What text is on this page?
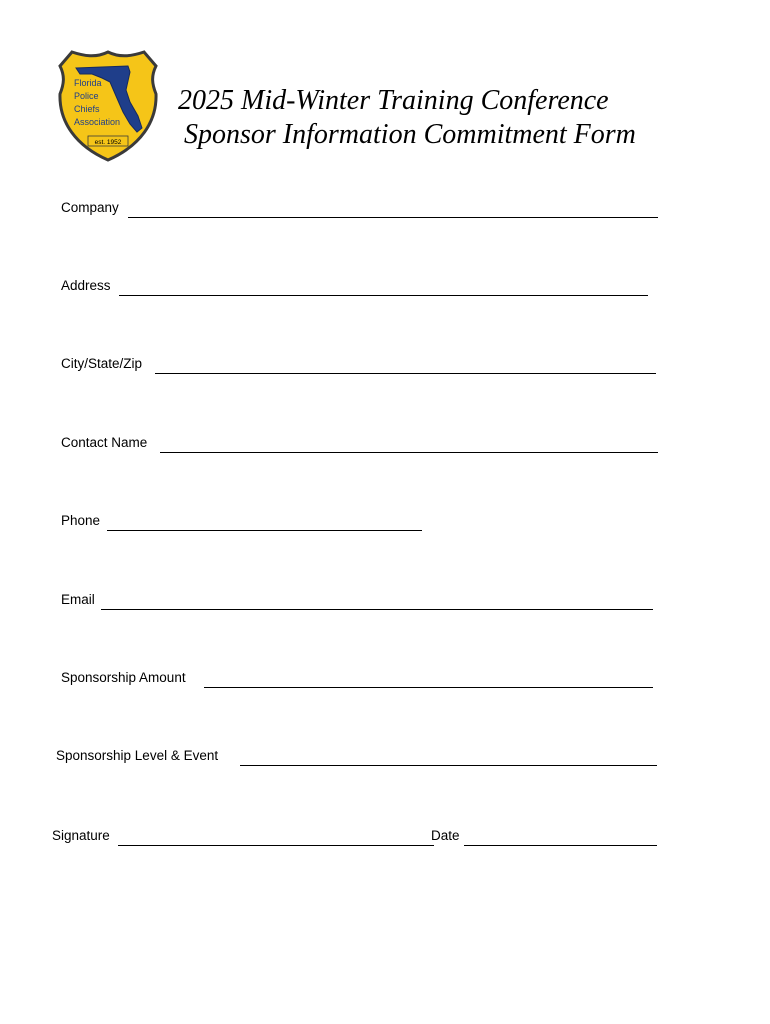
Florida
Police
Chiefs
Association
est. 1952
2025 Mid-Winter Training Conference
Sponsor Information Commitment Form
Company
Address
City/State/Zip
Contact Name
Phone
Email
Sponsorship Amount
Sponsorship Level & Event
Signature	Date
